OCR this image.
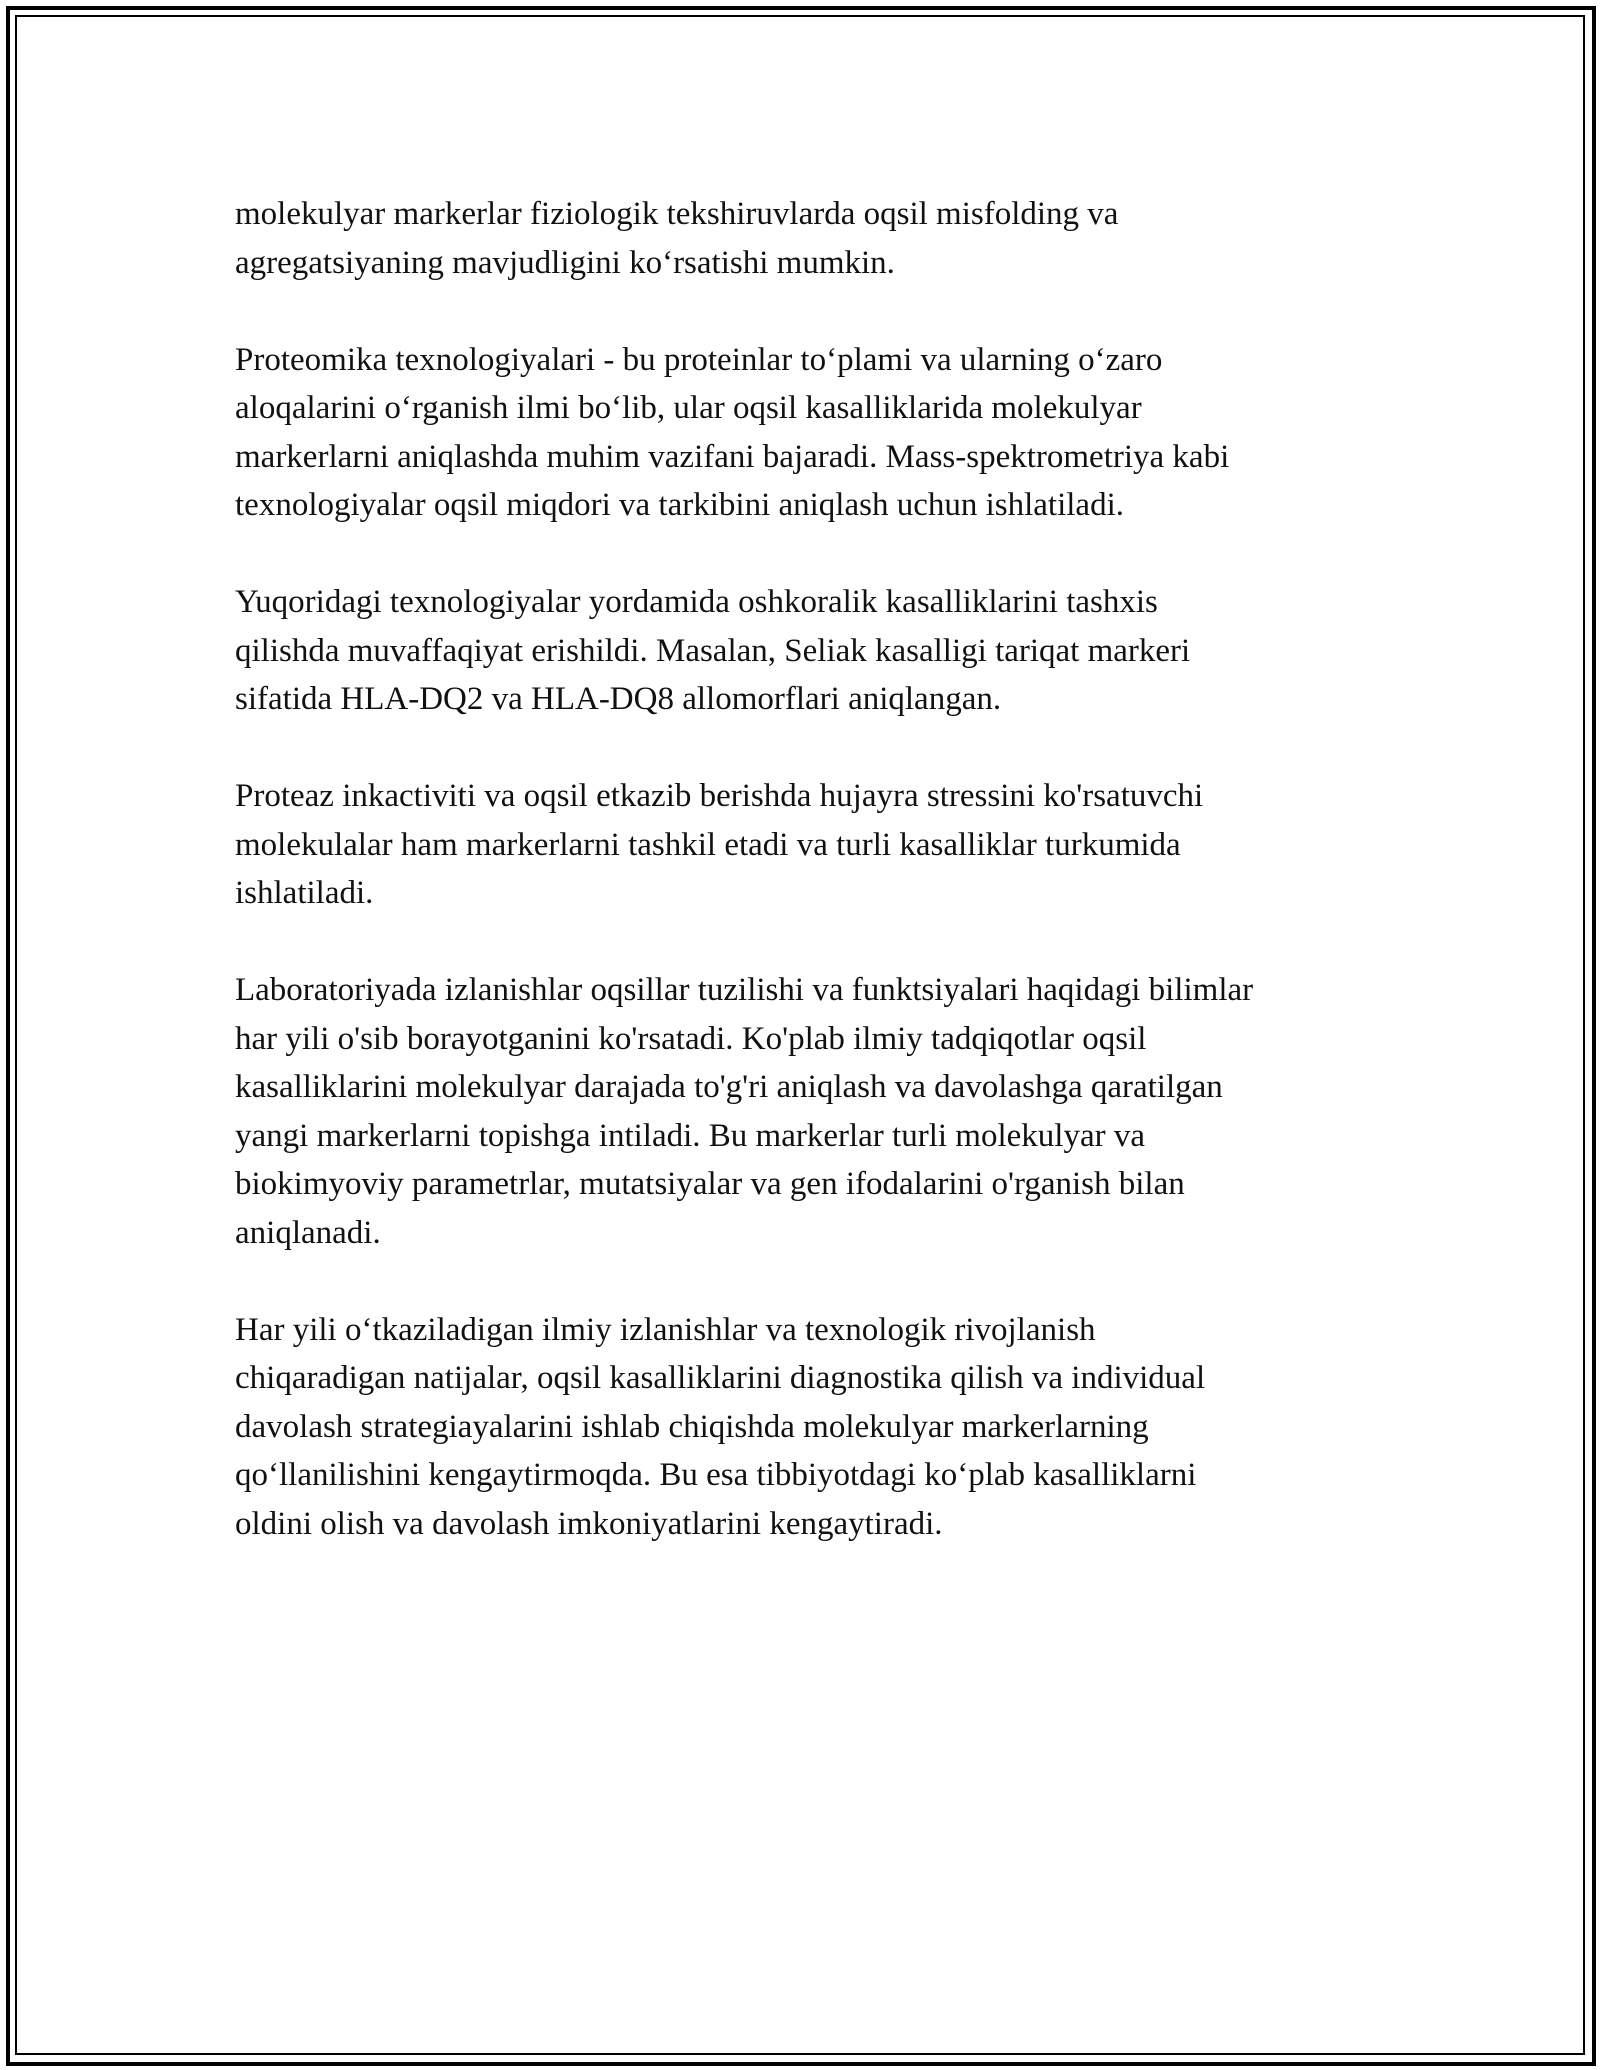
molekulyar markerlar fiziologik tekshiruvlarda oqsil misfolding va
agregatsiyaning mavjudligini koʻrsatishi mumkin.

Proteomika texnologiyalari - bu proteinlar toʻplami va ularning oʻzaro
aloqalarini oʻrganish ilmi boʻlib, ular oqsil kasalliklarida molekulyar
markerlarni aniqlashda muhim vazifani bajaradi. Mass-spektrometriya kabi
texnologiyalar oqsil miqdori va tarkibini aniqlash uchun ishlatiladi.

Yuqoridagi texnologiyalar yordamida oshkoralik kasalliklarini tashxis
qilishda muvaffaqiyat erishildi. Masalan, Seliak kasalligi tariqat markeri
sifatida HLA-DQ2 va HLA-DQ8 allomorflari aniqlangan.

Proteaz inkactiviti va oqsil etkazib berishda hujayra stressini ko'rsatuvchi
molekulalar ham markerlarni tashkil etadi va turli kasalliklar turkumida
ishlatiladi.

Laboratoriyada izlanishlar oqsillar tuzilishi va funktsiyalari haqidagi bilimlar
har yili o'sib borayotganini ko'rsatadi. Ko'plab ilmiy tadqiqotlar oqsil
kasalliklarini molekulyar darajada to'g'ri aniqlash va davolashga qaratilgan
yangi markerlarni topishga intiladi. Bu markerlar turli molekulyar va
biokimyoviy parametrlar, mutatsiyalar va gen ifodalarini o'rganish bilan
aniqlanadi.

Har yili oʻtkaziladigan ilmiy izlanishlar va texnologik rivojlanish
chiqaradigan natijalar, oqsil kasalliklarini diagnostika qilish va individual
davolash strategiayalarini ishlab chiqishda molekulyar markerlarning
qoʻllanilishini kengaytirmoqda. Bu esa tibbiyotdagi koʻplab kasalliklarni
oldini olish va davolash imkoniyatlarini kengaytiradi.
